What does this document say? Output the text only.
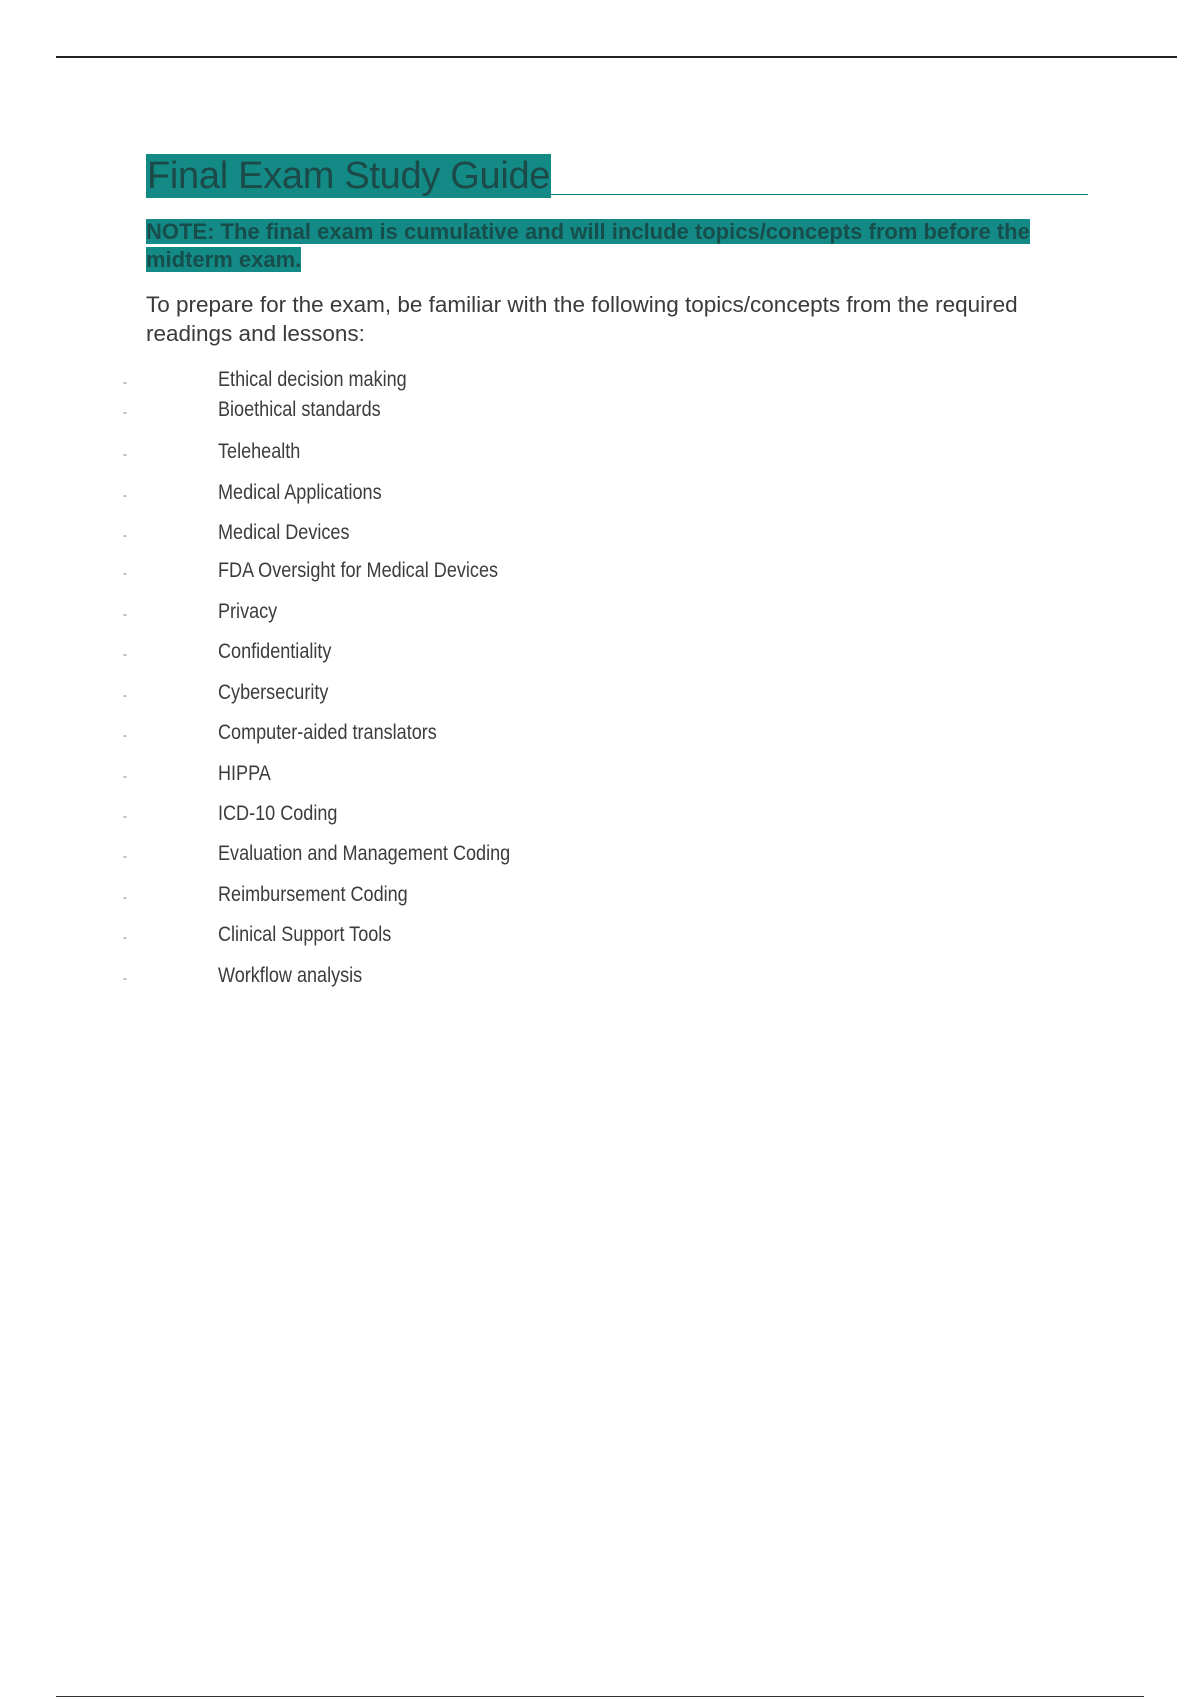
Final Exam Study Guide
NOTE: The final exam is cumulative and will include topics/concepts from before the midterm exam.
To prepare for the exam, be familiar with the following topics/concepts from the required readings and lessons:
-	Ethical decision making
-	Bioethical standards
-	Telehealth
-	Medical Applications
-	Medical Devices
-	FDA Oversight for Medical Devices
-	Privacy
-	Confidentiality
-	Cybersecurity
-	Computer-aided translators
-	HIPPA
-	ICD-10 Coding
-	Evaluation and Management Coding
-	Reimbursement Coding
-	Clinical Support Tools
-	Workflow analysis
